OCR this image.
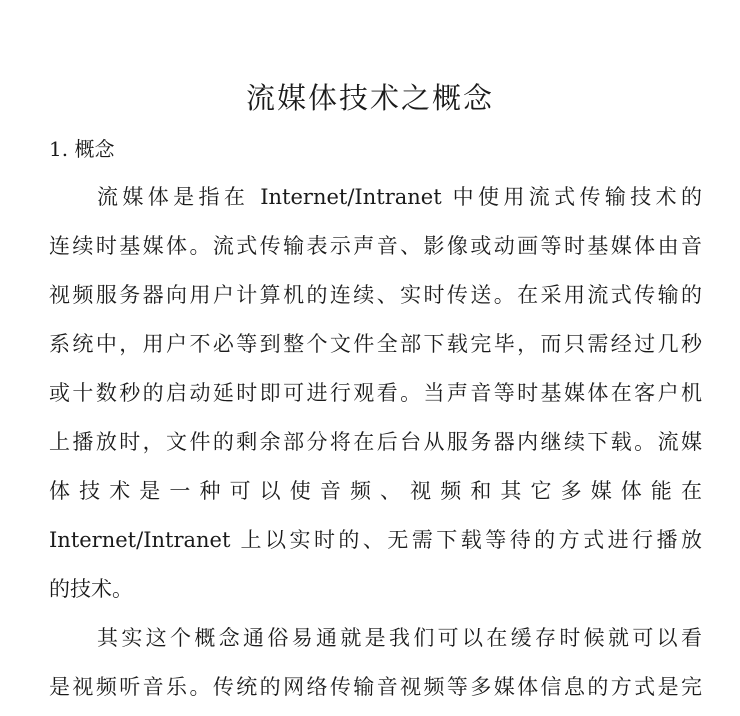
流媒体技术之概念
1. 概念
流媒体是指在 Internet/Intranet 中使用流式传输技术的
连续时基媒体。流式传输表示声音、影像或动画等时基媒体由音
视频服务器向用户计算机的连续、实时传送。在采用流式传输的
系统中，用户不必等到整个文件全部下载完毕，而只需经过几秒
或十数秒的启动延时即可进行观看。当声音等时基媒体在客户机
上播放时，文件的剩余部分将在后台从服务器内继续下载。流媒
体技术是一种可以使音频、视频和其它多媒体能在
Internet/Intranet 上以实时的、无需下载等待的方式进行播放
的技术。
其实这个概念通俗易通就是我们可以在缓存时候就可以看
是视频听音乐。传统的网络传输音视频等多媒体信息的方式是完
